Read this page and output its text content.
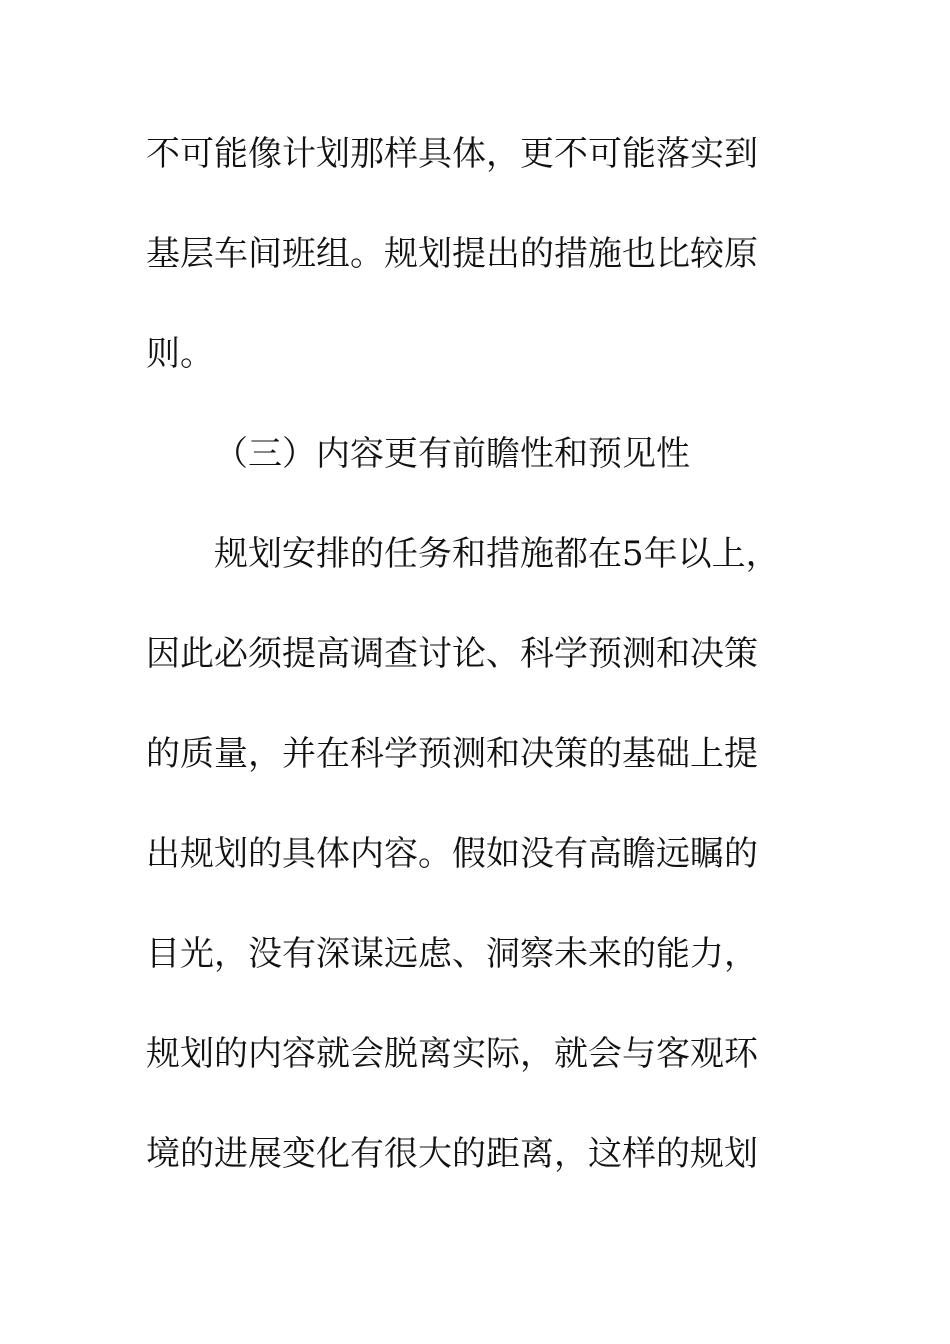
不可能像计划那样具体，更不可能落实到
基层车间班组。规划提出的措施也比较原
则。
（三）内容更有前瞻性和预见性
规划安排的任务和措施都在5年以上，
因此必须提高调查讨论、科学预测和决策
的质量，并在科学预测和决策的基础上提
出规划的具体内容。假如没有高瞻远瞩的
目光，没有深谋远虑、洞察未来的能力，
规划的内容就会脱离实际，就会与客观环
境的进展变化有很大的距离，这样的规划
